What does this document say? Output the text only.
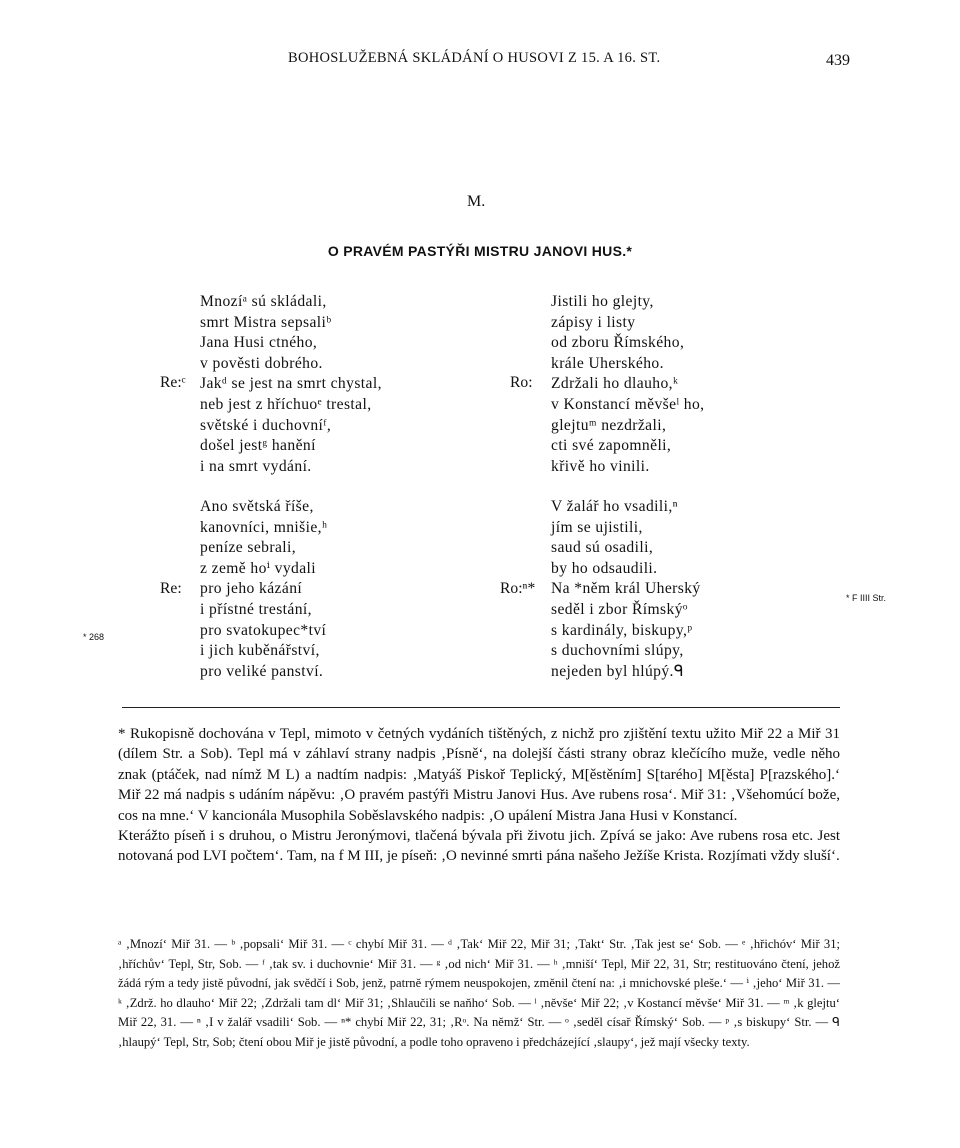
BOHOSLUŽEBNÁ SKLÁDÁNÍ O HUSOVI Z 15. A 16. ST.	439
M.
O PRAVÉM PASTÝŘI MISTRU JANOVI HUS.*
Mnozíᵃ sú skládali,
smrt Mistra sepsaliᵇ
Jana Husi ctného,
v pověsti dobrého.
Jakᵈ se jest na smrt chystal,
neb jest z hříchuoᵉ trestal,
světské i duchovníᶠ,
došel jestᵍ hanění
i na smrt vydání.
Re:ᶜ
Jistili ho glejty,
zápisy i listy
od zboru Římského,
krále Uherského.
Zdržali ho dlauho,ᵏ
v Konstancí měvšeˡ ho,
glejtuᵐ nezdržali,
cti své zapomněli,
křivě ho vinili.
Ro:
Ano světská říše,
kanovníci, mnišie,ʰ
peníze sebrali,
z země hoⁱ vydali
pro jeho kázání
i přístné trestání,
pro svatokupec*tví
i jich kuběnářství,
pro veliké panství.
Re:
V žalář ho vsadili,ⁿ
jím se ujistili,
saud sú osadili,
by ho odsaudili.
Na *něm král Uherský
seděl i zbor Římskýᵒ
s kardinály, biskupy,ᵖ
s duchovními slúpy,
nejeden byl hlúpý.ᑫ
Ro:ⁿ*
* 268
* F IIII Str.

* Rukopisně dochována v Tepl, mimoto v četných vydáních tištěných, z nichž pro zjištění textu užito Miř 22 a Miř 31 (dílem Str. a Sob). Tepl má v záhlaví strany nadpis ‚Písně‘, na dolejší části strany obraz klečícího muže, vedle něho znak (ptáček, nad nímž M L) a nadtím nadpis: ‚Matyáš Piskoř Teplický, M[ěstěním] S[tarého] M[ěsta] P[razského].‘ Miř 22 má nadpis s udáním nápěvu: ‚O pravém pastýři Mistru Janovi Hus. Ave rubens rosa‘. Miř 31: ‚Všehomúcí bože, cos na mne.‘ V kancionála Musophila Soběslavského nadpis: ‚O upálení Mistra Jana Husi v Konstancí.

Kterážto píseň i s druhou, o Mistru Jeronýmovi, tlačená bývala při životu jich. Zpívá se jako: Ave rubens rosa etc. Jest notovaná pod LVI počtem‘. Tam, na f M III, je píseň: ‚O nevinné smrti pána našeho Ježíše Krista. Rozjímati vždy sluší‘.

ᵃ ‚Mnozí‘ Miř 31. — ᵇ ‚popsali‘ Miř 31. — ᶜ chybí Miř 31. — ᵈ ‚Tak‘ Miř 22, Miř 31; ‚Takt‘ Str. ‚Tak jest se‘ Sob. — ᵉ ‚hřichóv‘ Miř 31; ‚hříchův‘ Tepl, Str, Sob. — ᶠ ‚tak sv. i duchovnie‘ Miř 31. — ᵍ ‚od nich‘ Miř 31. — ʰ ‚mniší‘ Tepl, Miř 22, 31, Str; restituováno čtení, jehož žádá rým a tedy jistě původní, jak svědčí i Sob, jenž, patrně rýmem neuspokojen, změnil čtení na: ‚i mnichovské pleše.‘ — ⁱ ‚jeho‘ Miř 31. — ᵏ ‚Zdrž. ho dlauho‘ Miř 22; ‚Zdržali tam dl‘ Miř 31; ‚Shlaučili se naňho‘ Sob. — ˡ ‚něvše‘ Miř 22; ‚v Kostancí měvše‘ Miř 31. — ᵐ ‚k glejtu‘ Miř 22, 31. — ⁿ ‚I v žalář vsadili‘ Sob. — ⁿ* chybí Miř 22, 31; ‚Rᵒ. Na němž‘ Str. — ᵒ ‚seděl císař Římský‘ Sob. — ᵖ ‚s biskupy‘ Str. — ᑫ ‚hlaupý‘ Tepl, Str, Sob; čtení obou Miř je jistě původní, a podle toho opraveno i předcházející ‚slaupy‘, jež mají všecky texty.
